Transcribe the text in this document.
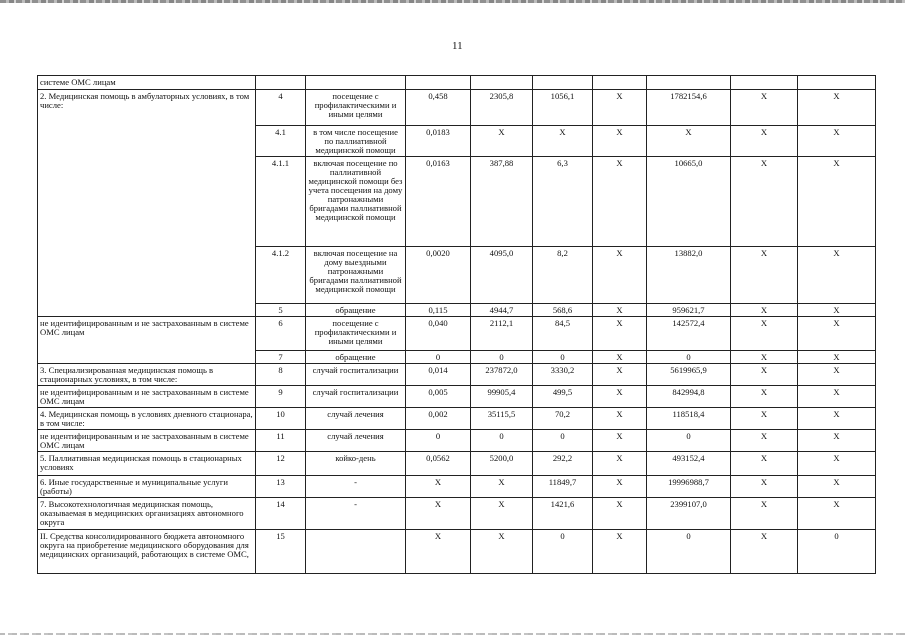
11
системе ОМС лицам									
2. Медицинская помощь в амбулаторных условиях, в том числе:	4	посещение с профилактическими и иными целями	0,458	2305,8	1056,1	X	1782154,6	X	X
	4.1	в том числе посещение по паллиативной медицинской помощи	0,0183	X	X	X	X	X	X
	4.1.1	включая посещение по паллиативной медицинской помощи без учета посещения на дому патронажными бригадами паллиативной медицинской помощи	0,0163	387,88	6,3	X	10665,0	X	X
	4.1.2	включая посещение на дому выездными патронажными бригадами паллиативной медицинской помощи	0,0020	4095,0	8,2	X	13882,0	X	X
	5	обращение	0,115	4944,7	568,6	X	959621,7	X	X
не идентифицированным и не застрахованным в системе ОМС лицам	6	посещение с профилактическими и иными целями	0,040	2112,1	84,5	X	142572,4	X	X
	7	обращение	0	0	0	X	0	X	X
3. Специализированная медицинская помощь в стационарных условиях, в том числе:	8	случай госпитализации	0,014	237872,0	3330,2	X	5619965,9	X	X
не идентифицированным и не застрахованным в системе ОМС лицам	9	случай госпитализации	0,005	99905,4	499,5	X	842994,8	X	X
4. Медицинская помощь в условиях дневного стационара, в том числе:	10	случай лечения	0,002	35115,5	70,2	X	118518,4	X	X
не идентифицированным и не застрахованным в системе ОМС лицам	11	случай лечения	0	0	0	X	0	X	X
5. Паллиативная медицинская помощь в стационарных условиях	12	койко-день	0,0562	5200,0	292,2	X	493152,4	X	X
6. Иные государственные и муниципальные услуги (работы)	13	-	X	X	11849,7	X	19996988,7	X	X
7. Высокотехнологичная медицинская помощь, оказываемая в медицинских организациях автономного округа	14	-	X	X	1421,6	X	2399107,0	X	X
II. Средства консолидированного бюджета автономного округа на приобретение медицинского оборудования для медицинских организаций, работающих в системе ОМС,	15		X	X	0	X	0	X	0
